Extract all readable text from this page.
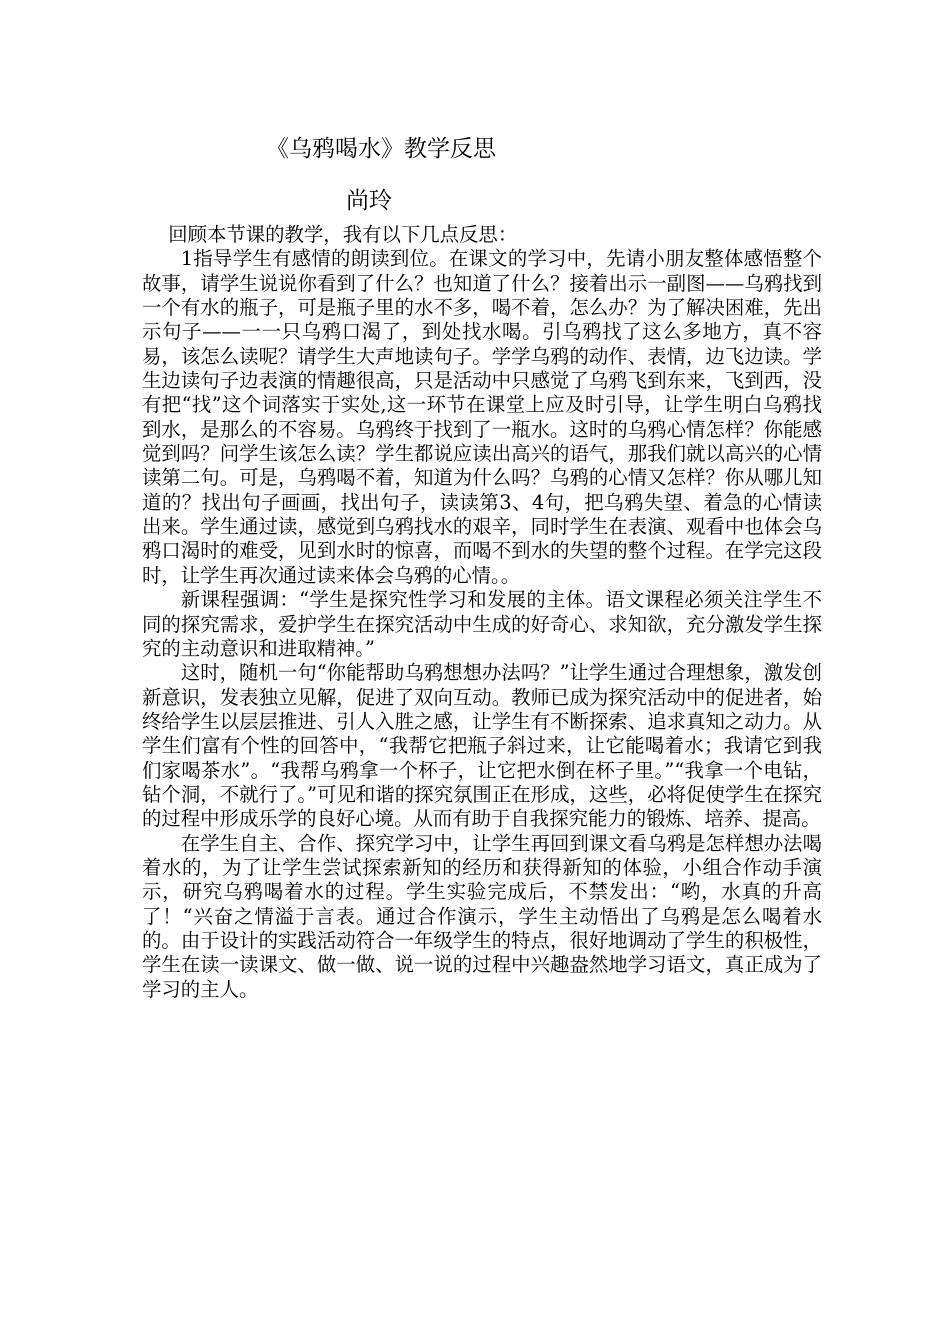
《乌鸦喝水》教学反思
尚玲

回顾本节课的教学，我有以下几点反思：

1指导学生有感情的朗读到位。在课文的学习中，先请小朋友整体感悟整个故事，请学生说说你看到了什么？也知道了什么？接着出示一副图——乌鸦找到一个有水的瓶子，可是瓶子里的水不多，喝不着，怎么办？为了解决困难，先出示句子——一一只乌鸦口渴了，到处找水喝。引乌鸦找了这么多地方，真不容易，该怎么读呢？请学生大声地读句子。学学乌鸦的动作、表情，边飞边读。学生边读句子边表演的情趣很高，只是活动中只感觉了乌鸦飞到东来，飞到西，没有把“找”这个词落实于实处,这一环节在课堂上应及时引导，让学生明白乌鸦找到水，是那么的不容易。乌鸦终于找到了一瓶水。这时的乌鸦心情怎样？你能感觉到吗？问学生该怎么读？学生都说应读出高兴的语气，那我们就以高兴的心情读第二句。可是，乌鸦喝不着，知道为什么吗？乌鸦的心情又怎样？你从哪儿知道的？找出句子画画，找出句子，读读第3、4句，把乌鸦失望、着急的心情读出来。学生通过读，感觉到乌鸦找水的艰辛，同时学生在表演、观看中也体会乌鸦口渴时的难受，见到水时的惊喜，而喝不到水的失望的整个过程。在学完这段时，让学生再次通过读来体会乌鸦的心情。。

新课程强调：“学生是探究性学习和发展的主体。语文课程必须关注学生不同的探究需求，爱护学生在探究活动中生成的好奇心、求知欲，充分激发学生探究的主动意识和进取精神。”

这时，随机一句“你能帮助乌鸦想想办法吗？”让学生通过合理想象，激发创新意识，发表独立见解，促进了双向互动。教师已成为探究活动中的促进者，始终给学生以层层推进、引人入胜之感，让学生有不断探索、追求真知之动力。从学生们富有个性的回答中，“我帮它把瓶子斜过来，让它能喝着水；我请它到我们家喝茶水”。“我帮乌鸦拿一个杯子，让它把水倒在杯子里。”“我拿一个电钻，钻个洞，不就行了。”可见和谐的探究氛围正在形成，这些，必将促使学生在探究的过程中形成乐学的良好心境。从而有助于自我探究能力的锻炼、培养、提高。

在学生自主、合作、探究学习中，让学生再回到课文看乌鸦是怎样想办法喝着水的，为了让学生尝试探索新知的经历和获得新知的体验，小组合作动手演示，研究乌鸦喝着水的过程。学生实验完成后，不禁发出：“哟，水真的升高了！“兴奋之情溢于言表。通过合作演示，学生主动悟出了乌鸦是怎么喝着水的。由于设计的实践活动符合一年级学生的特点，很好地调动了学生的积极性，学生在读一读课文、做一做、说一说的过程中兴趣盎然地学习语文，真正成为了学习的主人。
